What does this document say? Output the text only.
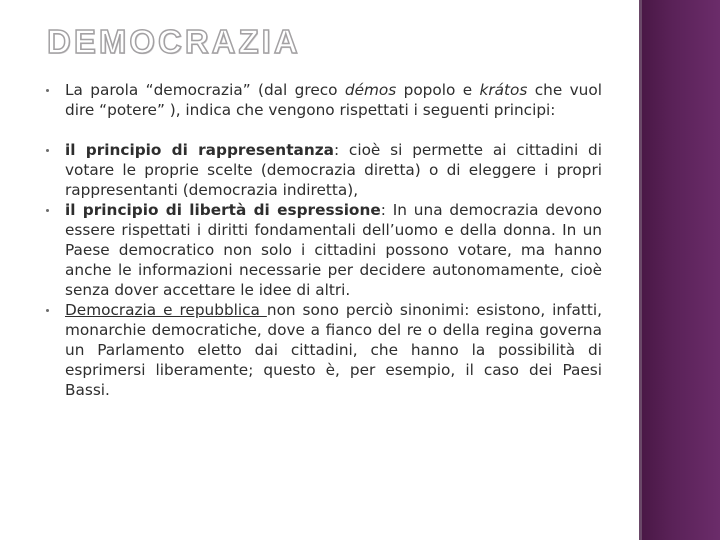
DEMOCRAZIA
La parola “democrazia” (dal greco démos popolo e krátos che vuol dire “potere” ), indica che vengono rispettati i seguenti principi:
il principio di rappresentanza: cioè si permette ai cittadini di votare le proprie scelte (democrazia diretta) o di eleggere i propri rappresentanti (democrazia indiretta),
il principio di libertà di espressione: In una democrazia devono essere rispettati i diritti fondamentali dell’uomo e della donna. In un Paese democratico non solo i cittadini possono votare, ma hanno anche le informazioni necessarie per decidere autonomamente, cioè senza dover accettare le idee di altri.
Democrazia e repubblica non sono perciò sinonimi: esistono, infatti, monarchie democratiche, dove a fianco del re o della regina governa un Parlamento eletto dai cittadini, che hanno la possibilità di esprimersi liberamente; questo è, per esempio, il caso dei Paesi Bassi.
